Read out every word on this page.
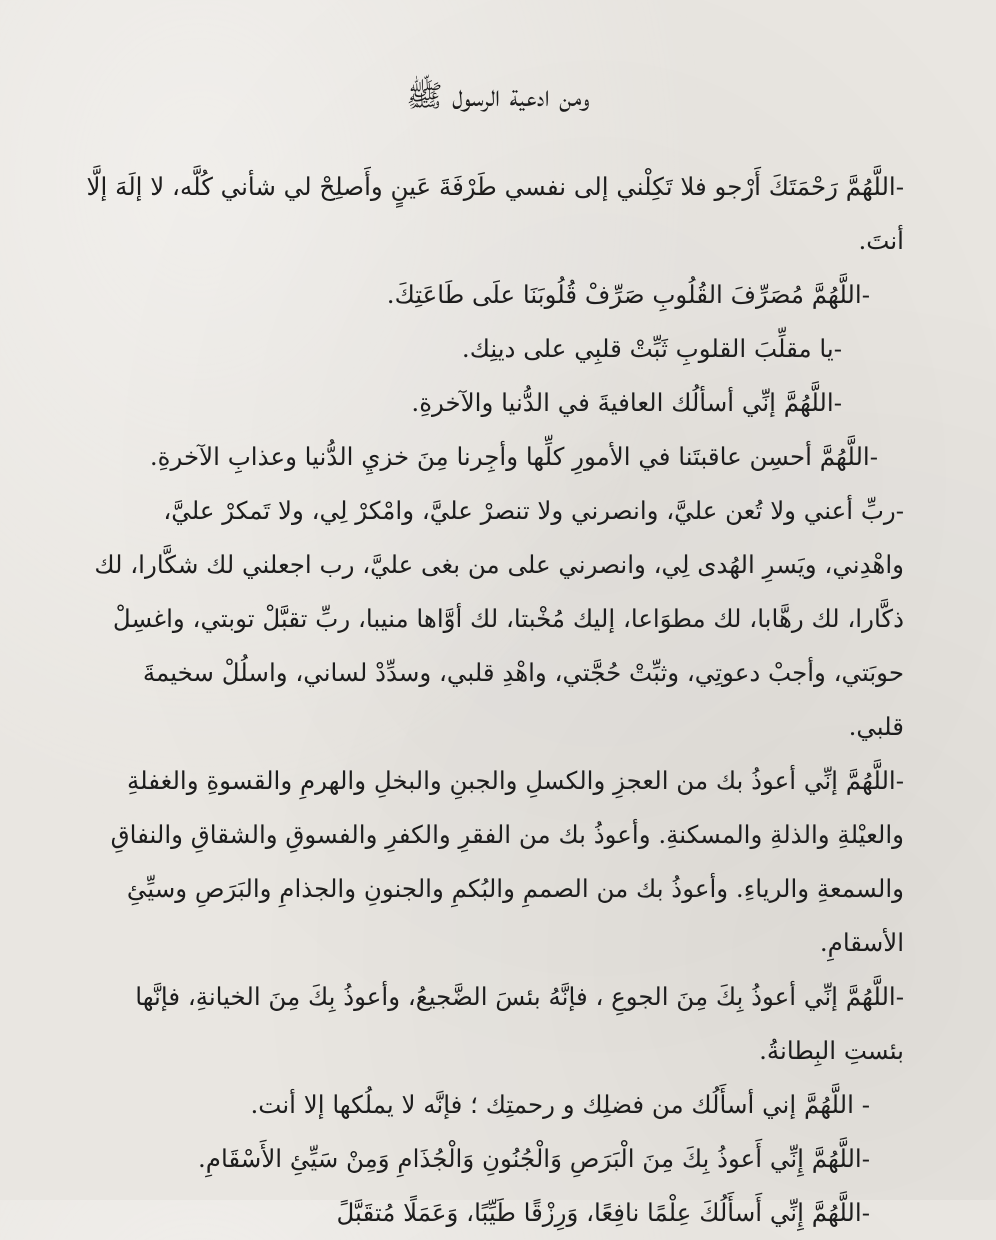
ومن ادعية الرسول ﷺ

-اللَّهُمَّ رَحْمَتَكَ أَرْجو فلا تَكِلْني إلى نفسي طَرْفَةَ عَينٍ وأَصلِحْ لي شأني كُلَّه، لا إلَهَ إلَّا أنتَ.

-اللَّهُمَّ مُصَرِّفَ القُلُوبِ صَرِّفْ قُلُوبَنَا علَى طَاعَتِكَ.

-يا مقلِّبَ القلوبِ ثَبِّتْ قلبِي على دينِك.

-اللَّهُمَّ إنِّي أسألُك العافيةَ في الدُّنيا والآخرةِ.

-اللَّهُمَّ أحسِن عاقبتَنا في الأمورِ كلِّها وأجِرنا مِنَ خزيِ الدُّنيا وعذابِ الآخرةِ.

-ربِّ أعني ولا تُعن عليَّ، وانصرني ولا تنصرْ عليَّ، وامْكرْ لِي، ولا تَمكرْ عليَّ، واهْدِني، ويَسرِ الهُدى لِي، وانصرني على من بغى عليَّ، رب اجعلني لك شكَّارا، لك ذكَّارا، لك رهَّابا، لك مطوَاعا، إليك مُخْبتا، لك أوَّاها منيبا، ربِّ تقبَّلْ توبتي، واغسِلْ حوبَتي، وأجبْ دعوتِي، وثبِّتْ حُجَّتي، واهْدِ قلبي، وسدِّدْ لساني، واسلُلْ سخيمةَ قلبي.

-اللَّهُمَّ إنِّي أعوذُ بك من العجزِ والكسلِ والجبنِ والبخلِ والهرمِ والقسوةِ والغفلةِ والعيْلةِ والذلةِ والمسكنةِ. وأعوذُ بك من الفقرِ والكفرِ والفسوقِ والشقاقِ والنفاقِ والسمعةِ والرياءِ. وأعوذُ بك من الصممِ والبُكمِ والجنونِ والجذامِ والبَرَصِ وسيِّئِ الأسقامِ.

-اللَّهُمَّ إنِّي أعوذُ بِكَ مِنَ الجوعِ ، فإنَّهُ بئسَ الضَّجيعُ، وأعوذُ بِكَ مِنَ الخيانةِ، فإنَّها بئستِ البِطانةُ.

- اللَّهُمَّ إني أسأَلُك من فضلِك و رحمتِك ؛ فإنَّه لا يملُكها إلا أنت.

-اللَّهُمَّ إِنِّي أَعوذُ بِكَ مِنَ الْبَرَصِ وَالْجُنُونِ وَالْجُذَامِ وَمِنْ سَيِّئِ الأَسْقَامِ.

-اللَّهُمَّ إِنِّي أَسأَلُكَ عِلْمًا نافِعًا، وَرِزْقًا طَيِّبًا، وَعَمَلًا مُتقَبَّلً
